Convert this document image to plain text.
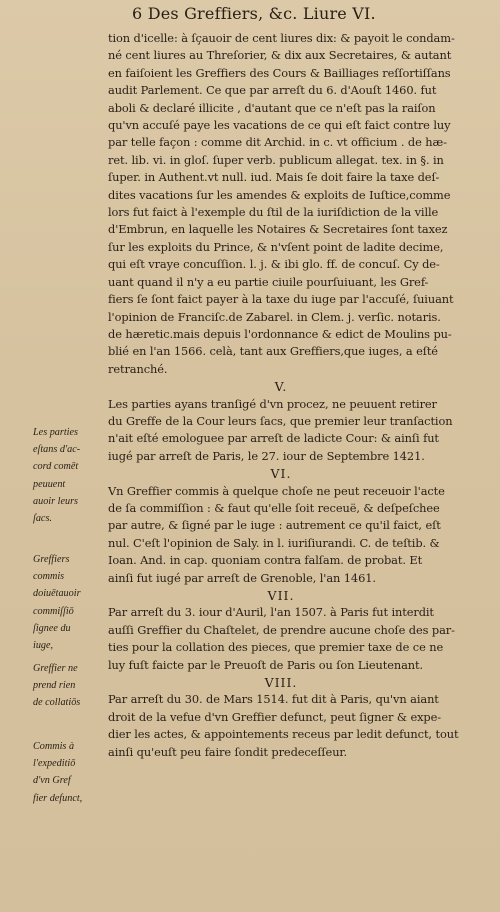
6 Des Greffiers, &c. Liure VI.
tion d'icelle: à ſçauoir de cent liures dix: & payoit le condam-
né cent liures au Threſorier, & dix aux Secretaires, & autant
en faiſoient les Greffiers des Cours & Bailliages reſſortiſſans
audit Parlement. Ce que par arreſt du 6. d'Aouſt 1460. fut
aboli & declaré illicite , d'autant que ce n'eſt pas la raiſon
qu'vn accuſé paye les vacations de ce qui eſt faict contre luy
par telle façon : comme dit Archid. in c. vt officium . de hæ-
ret. lib. vi. in gloſ. ſuper verb. publicum allegat. tex. in §. in
ſuper. in Authent.vt null. iud. Mais ſe doit faire la taxe deſ-
dites vacations ſur les amendes & exploits de Iuſtice,comme
lors fut faict à l'exemple du ſtil de la iuriſdiction de la ville
d'Embrun, en laquelle les Notaires & Secretaires ſont taxez
ſur les exploits du Prince, & n'vſent point de ladite decime,
qui eſt vraye concuſſion. l. j. & ibi glo. ff. de concuſ. Cy de-
uant quand il n'y a eu partie ciuile pourſuiuant, les Gref-
fiers ſe ſont faict payer à la taxe du iuge par l'accuſé, ſuiuant
l'opinion de Franciſc.de Zabarel. in Clem. j. verſic. notaris.
de hæretic.mais depuis l'ordonnance & edict de Moulins pu-
blié en l'an 1566. celà, tant aux Greffiers,que iuges, a eſté
retranché.
V.
Les parties ayans tranſigé d'vn procez, ne peuuent retirer
du Greffe de la Cour leurs ſacs, que premier leur tranſaction
n'ait eſté emologuee par arreſt de ladicte Cour: & ainſi fut
iugé par arreſt de Paris, le 27. iour de Septembre 1421.
VI.
Vn Greffier commis à quelque choſe ne peut receuoir l'acte
de ſa commiſſion : & faut qu'elle ſoit receuë, & deſpeſchee
par autre, & ſigné par le iuge : autrement ce qu'il faict, eſt
nul. C'eſt l'opinion de Saly. in l. iuriſiurandi. C. de teſtib. &
Ioan. And. in cap. quoniam contra falſam. de probat. Et
ainſi fut iugé par arreſt de Grenoble, l'an 1461.
VII.
Par arreſt du 3. iour d'Auril, l'an 1507. à Paris fut interdit
auſſi Greffier du Chaſtelet, de prendre aucune choſe des par-
ties pour la collation des pieces, que premier taxe de ce ne
luy fuſt faicte par le Preuoſt de Paris ou ſon Lieutenant.
VIII.
Par arreſt du 30. de Mars 1514. fut dit à Paris, qu'vn aiant
droit de la vefue d'vn Greffier defunct, peut ſigner & expe-
dier les actes, & appointements receus par ledit defunct, tout
ainſi qu'euſt peu faire ſondit predeceſſeur.
Les parties
eſtans d'ac-
cord comēt
peuuent
auoir leurs
ſacs.
Greffiers
commis
doiuētauoir
commiſſiō
ſignee du
iuge,
Greffier ne
prend rien
de collatiōs
Commis à
l'expeditiō
d'vn Gref
fier defunct,
